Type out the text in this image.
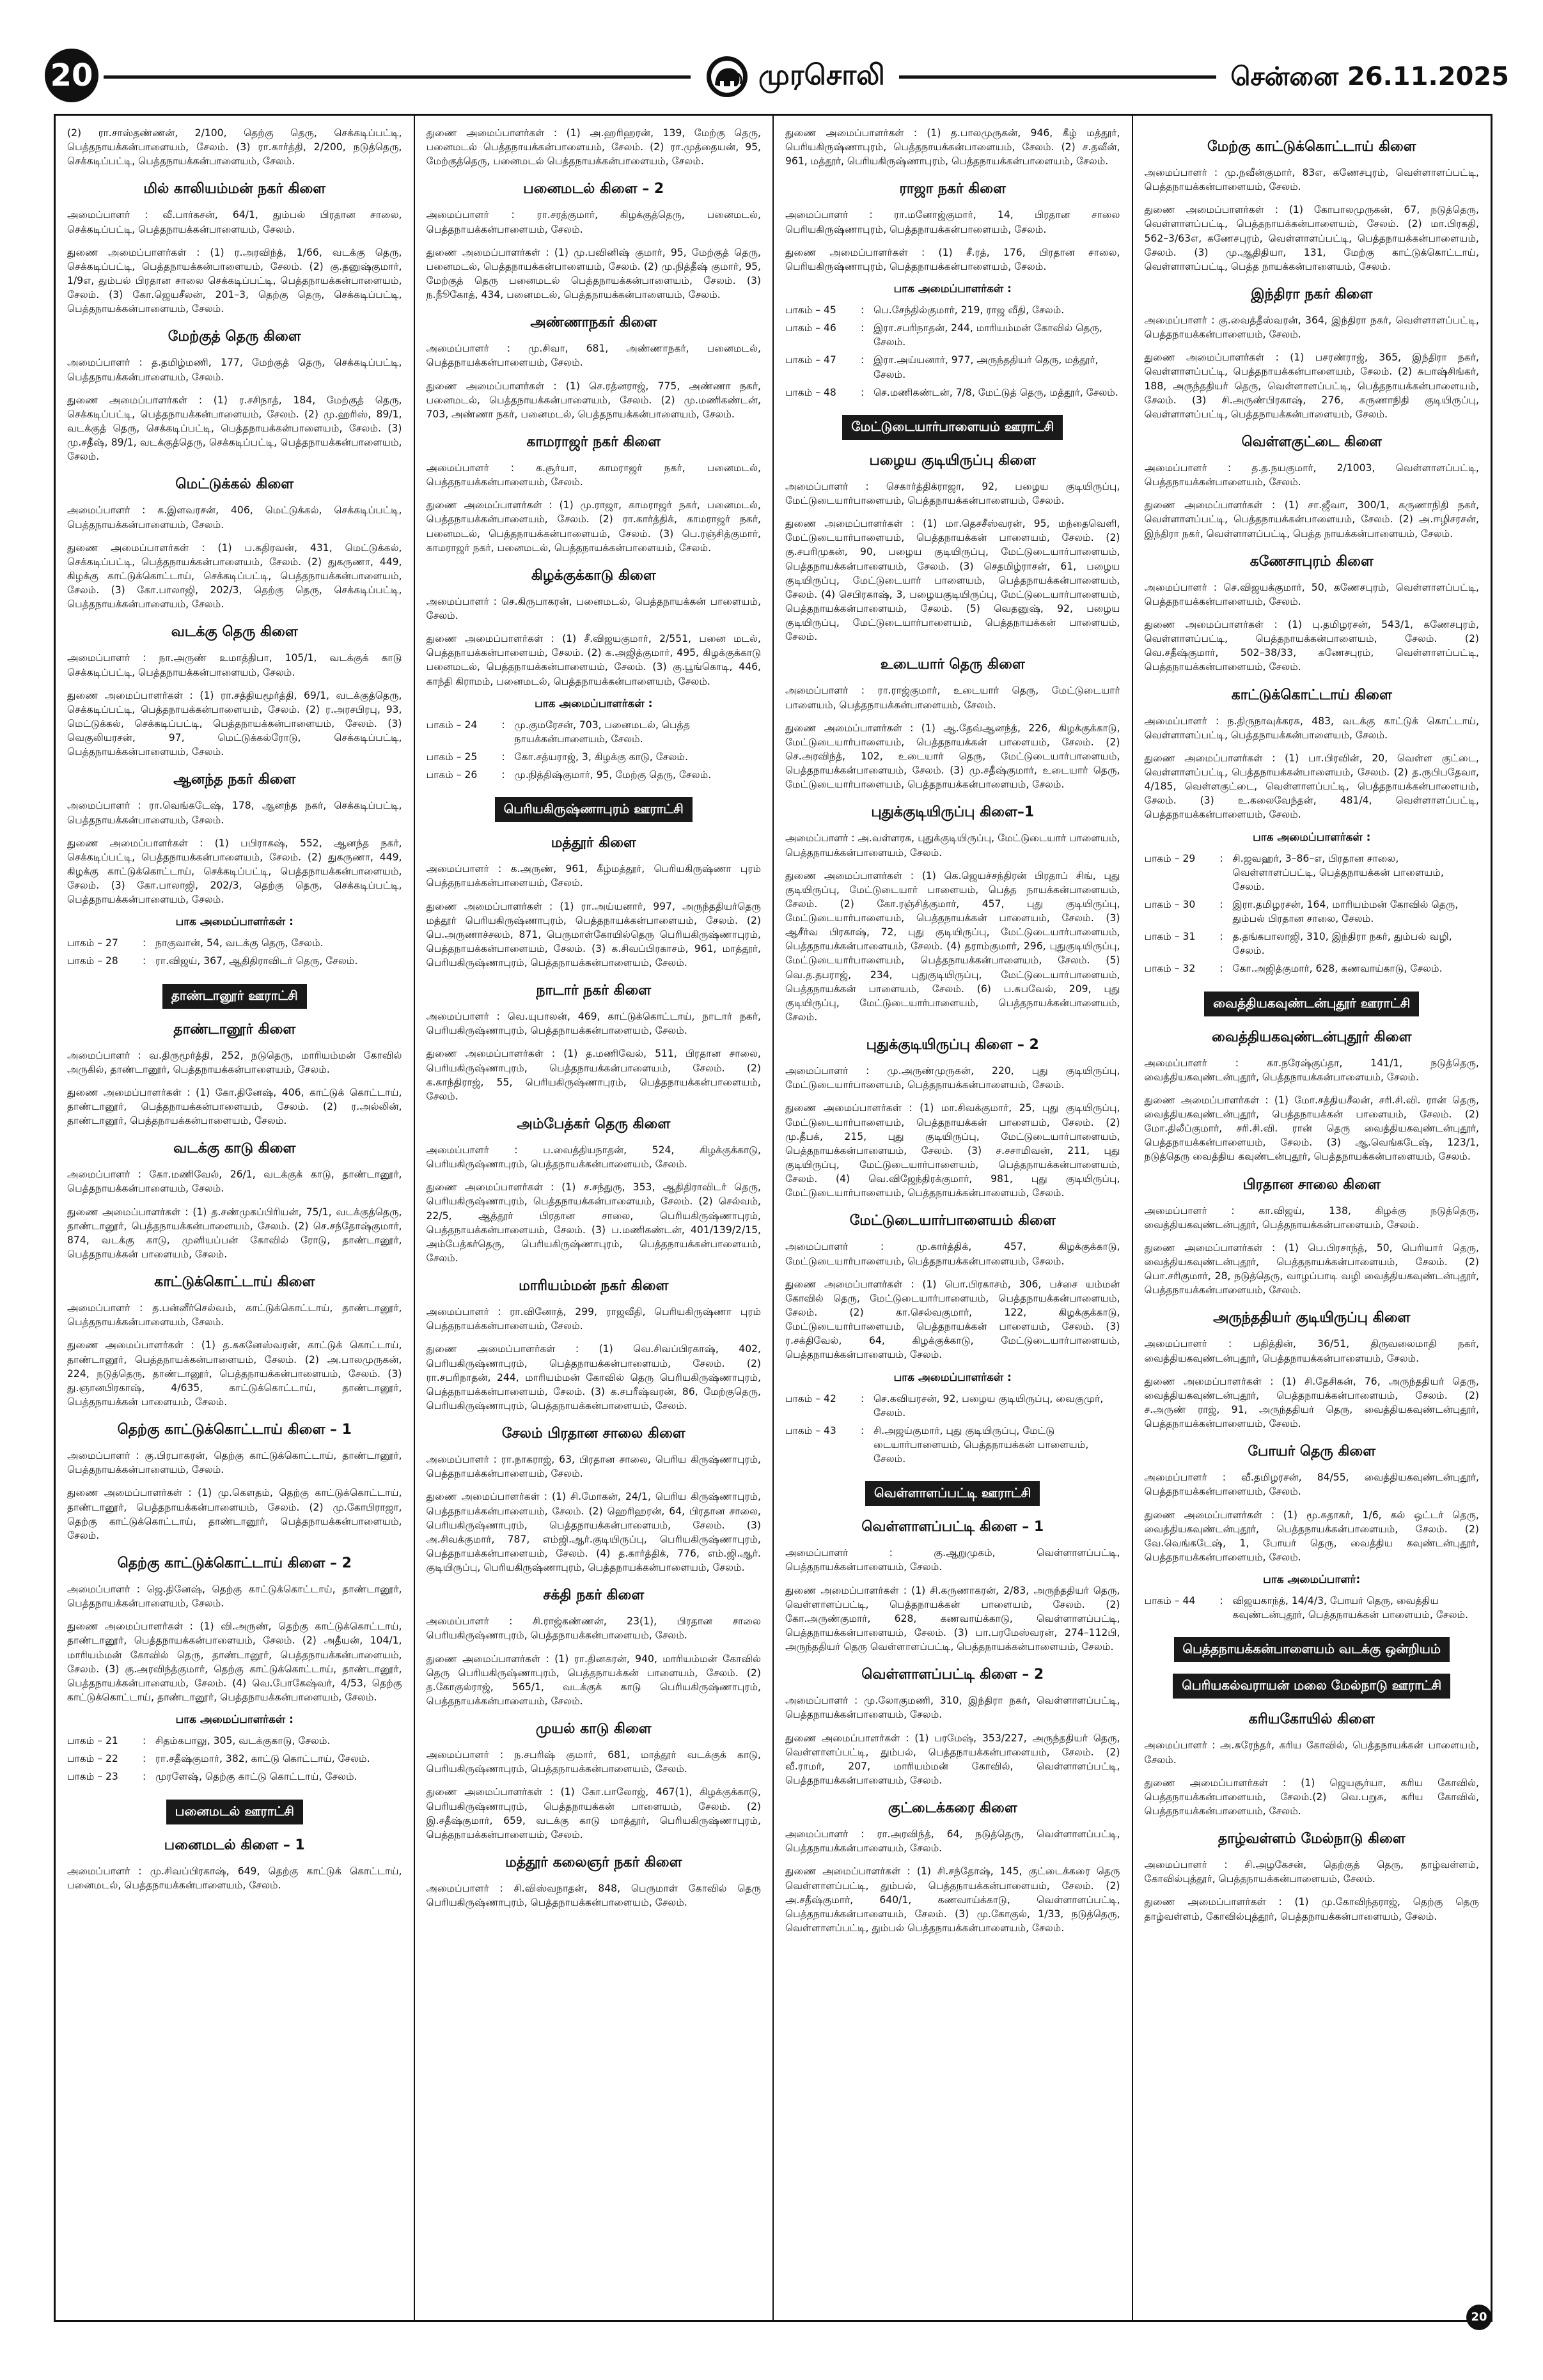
20	முரசொலி	சென்னை 26.11.2025
(2) ரா.சாஸ்தண்ணன், 2/100, தெற்கு தெரு, செக்கடிப்பட்டி, பெத்தநாயக்கன்பாளையம், சேலம். (3) ரா.கார்த்தி, 2/200, நடுத்தெரு, செக்கடிப்பட்டி, பெத்தநாயக்கன்பாளையம், சேலம்.
மில் காலியம்மன் நகர் கிளை
அமைப்பாளர் : வீ.பார்கசன், 64/1, தும்பல் பிரதான சாலை, செக்கடிப்பட்டி, பெத்தநாயக்கன்பாளையம், சேலம்.
துணை அமைப்பாளர்கள் : (1) ர.அரவிந்த், 1/66, வடக்கு தெரு, செக்கடிப்பட்டி, பெத்தநாயக்கன்பாளையம், சேலம். (2) கு.தனுஷ்குமார், 1/9எ, தும்பல் பிரதான சாலை செக்கடிப்பட்டி, பெத்தநாயக்கன்பாளையம், சேலம். (3) கோ.ஜெயசீலன், 201–3, தெற்கு தெரு, செக்கடிப்பட்டி, பெத்தநாயக்கன்பாளையம், சேலம்.
மேற்குத் தெரு கிளை
அமைப்பாளர் : த.தமிழ்மணி, 177, மேற்குத் தெரு, செக்கடிப்பட்டி, பெத்தநாயக்கன்பாளையம், சேலம்.
துணை அமைப்பாளர்கள் : (1) ர.சசிநாத், 184, மேற்குத் தெரு, செக்கடிப்பட்டி, பெத்தநாயக்கன்பாளையம், சேலம். (2) மு.ஹரிஸ், 89/1, வடக்குத் தெரு, செக்கடிப்பட்டி, பெத்தநாயக்கன்பாளையம், சேலம். (3) மு.சதீஷ், 89/1, வடக்குத்தெரு, செக்கடிப்பட்டி, பெத்தநாயக்கன்பாளையம், சேலம்.
மெட்டுக்கல் கிளை
அமைப்பாளர் : க.இளவரசன், 406, மெட்டுக்கல், செக்கடிப்பட்டி, பெத்தநாயக்கன்பாளையம், சேலம்.
துணை அமைப்பாளர்கள் : (1) ப.கதிரவன், 431, மெட்டுக்கல், செக்கடிப்பட்டி, பெத்தநாயக்கன்பாளையம், சேலம். (2) துகருணா, 449, கிழக்கு காட்டுக்கொட்டாய், செக்கடிப்பட்டி, பெத்தநாயக்கன்பாளையம், சேலம். (3) கோ.பாலாஜி, 202/3, தெற்கு தெரு, செக்கடிப்பட்டி, பெத்தநாயக்கன்பாளையம், சேலம்.
வடக்கு தெரு கிளை
அமைப்பாளர் : நா.அருண் உமாத்திபா, 105/1, வடக்குக் காடு செக்கடிப்பட்டி, பெத்தநாயக்கன்பாளையம், சேலம்.
துணை அமைப்பாளர்கள் : (1) ரா.சத்தியமூர்த்தி, 69/1, வடக்குத்தெரு, செக்கடிப்பட்டி, பெத்தநாயக்கன்பாளையம், சேலம். (2) ர.அரசபிரபு, 93, மெட்டுக்கல், செக்கடிப்பட்டி, பெத்தநாயக்கன்பாளையம், சேலம். (3) வெகுலியரசன், 97, மெட்டுக்கல்ரோடு, செக்கடிப்பட்டி, பெத்தநாயக்கன்பாளையம், சேலம்.
ஆனந்த நகர் கிளை
அமைப்பாளர் : ரா.வெங்கடேஷ், 178, ஆனந்த நகர், செக்கடிப்பட்டி, பெத்தநாயக்கன்பாளையம், சேலம்.
துணை அமைப்பாளர்கள் : (1) பபிராகஷ், 552, ஆனந்த நகர், செக்கடிப்பட்டி, பெத்தநாயக்கன்பாளையம், சேலம். (2) துகருணா, 449, கிழக்கு காட்டுக்கொட்டாய், செக்கடிப்பட்டி, பெத்தநாயக்கன்பாளையம், சேலம். (3) கோ.பாலாஜி, 202/3, தெற்கு தெரு, செக்கடிப்பட்டி, பெத்தநாயக்கன்பாளையம், சேலம்.
பாக அமைப்பாளர்கள் :
பாகம் – 27	:	நாகுவான், 54, வடக்கு தெரு, சேலம்.
பாகம் – 28	:	ரா.விஜய், 367, ஆதிதிராவிடர் தெரு, சேலம்.
தாண்டானூர் ஊராட்சி
தாண்டானூர் கிளை
அமைப்பாளர் : வ.திருமூர்த்தி, 252, நடுதெரு, மாரியம்மன் கோவில் அருகில், தாண்டானூர், பெத்தநாயக்கன்பாளையம், சேலம்.
துணை அமைப்பாளர்கள் : (1) கோ.தினேஷ், 406, காட்டுக் கொட்டாய், தாண்டானூர், பெத்தநாயக்கன்பாளையம், சேலம். (2) ர.அல்லின், தாண்டானூர், பெத்தநாயக்கன்பாளையம், சேலம்.
வடக்கு காடு கிளை
அமைப்பாளர் : கோ.மணிவேல், 26/1, வடக்குக் காடு, தாண்டானூர், பெத்தநாயக்கன்பாளையம், சேலம்.
துணை அமைப்பாளர்கள் : (1) த.சண்முகப்பிரியன், 75/1, வடக்குத்தெரு, தாண்டானூர், பெத்தநாயக்கன்பாளையம், சேலம். (2) செ.சந்தோஷ்குமார், 874, வடக்கு காடு, முனியப்பன் கோவில் ரோடு, தாண்டானூர், பெத்தநாயக்கன் பாளையம், சேலம்.
காட்டுக்கொட்டாய் கிளை
அமைப்பாளர் : த.பன்னீர்செல்வம், காட்டுக்கொட்டாய், தாண்டானூர், பெத்தநாயக்கன்பாளையம், சேலம்.
துணை அமைப்பாளர்கள் : (1) த.சுகனேஸ்வரன், காட்டுக் கொட்டாய், தாண்டானூர், பெத்தநாயக்கன்பாளையம், சேலம். (2) அ.பாலமுருகன், 224, நடுத்தெரு, தாண்டானூர், பெத்தநாயக்கன்பாளையம், சேலம். (3) து.ஞானபிரகாஷ், 4/635, காட்டுக்கொட்டாய், தாண்டானூர், பெத்தநாயக்கன் பாளையம், சேலம்.
தெற்கு காட்டுக்கொட்டாய் கிளை – 1
அமைப்பாளர் : கு.பிரபாகரன், தெற்கு காட்டுக்கொட்டாய், தாண்டானூர், பெத்தநாயக்கன்பாளையம், சேலம்.
துணை அமைப்பாளர்கள் : (1) மு.கௌதம், தெற்கு காட்டுக்கொட்டாய், தாண்டானூர், பெத்தநாயக்கன்பாளையம், சேலம். (2) மு.கோபிராஜா, தெற்கு காட்டுக்கொட்டாய், தாண்டானூர், பெத்தநாயக்கன்பாளையம், சேலம்.
தெற்கு காட்டுக்கொட்டாய் கிளை – 2
அமைப்பாளர் : ஜெ.தினேஷ், தெற்கு காட்டுக்கொட்டாய், தாண்டானூர், பெத்தநாயக்கன்பாளையம், சேலம்.
துணை அமைப்பாளர்கள் : (1) வி.அருண், தெற்கு காட்டுக்கொட்டாய், தாண்டானூர், பெத்தநாயக்கன்பாளையம், சேலம். (2) அதீயன், 104/1, மாரியம்மன் கோவில் தெரு, தாண்டானூர், பெத்தநாயக்கன்பாளையம், சேலம். (3) கு.அரவிந்த்குமார், தெற்கு காட்டுக்கொட்டாய், தாண்டானூர், பெத்தநாயக்கன்பாளையம், சேலம். (4) வெ.போகேஷ்வர், 4/53, தெற்கு காட்டுக்கொட்டாய், தாண்டானூர், பெத்தநாயக்கன்பாளையம், சேலம்.
பாக அமைப்பாளர்கள் :
பாகம் – 21	:	சிதம்கபாலு, 305, வடக்குகாடு, சேலம்.
பாகம் – 22	:	ரா.சதீஷ்குமார், 382, காட்டு கொட்டாய், சேலம்.
பாகம் – 23	:	முரளேஷ், தெற்கு காட்டு கொட்டாய், சேலம்.
பனைமடல் ஊராட்சி
பனைமடல் கிளை – 1
அமைப்பாளர் : மு.சிவப்பிரகாஷ், 649, தெற்கு காட்டுக் கொட்டாய், பனைமடல், பெத்தநாயக்கன்பாளையம், சேலம்.
துணை அமைப்பாளர்கள் : (1) அ.ஹரிஹரன், 139, மேற்கு தெரு, பனைமடல் பெத்தநாயக்கன்பாளையம், சேலம். (2) ரா.முத்தையன், 95, மேற்குத்தெரு, பனைமடல் பெத்தநாயக்கன்பாளையம், சேலம்.
பனைமடல் கிளை – 2
அமைப்பாளர் : ரா.சரத்குமார், கிழக்குத்தெரு, பனைமடல், பெத்தநாயக்கன்பாளையம், சேலம்.
துணை அமைப்பாளர்கள் : (1) மு.பவினிஷ் குமார், 95, மேற்குத் தெரு, பனைமடல், பெத்தநாயக்கன்பாளையம், சேலம். (2) மு.நித்தீஷ் குமார், 95, மேற்குத் தெரு பனைமடல் பெத்தநாயக்கன்பாளையம், சேலம். (3) ந.நூீகோத், 434, பனைமடல், பெத்தநாயக்கன்பாளையம், சேலம்.
அண்ணாநகர் கிளை
அமைப்பாளர் : மு.சிவா, 681, அண்ணாநகர், பனைமடல், பெத்தநாயக்கன்பாளையம், சேலம்.
துணை அமைப்பாளர்கள் : (1) செ.ரத்னராஜ், 775, அண்ணா நகர், பனைமடல், பெத்தநாயக்கன்பாளையம், சேலம். (2) மு.மணிகண்டன், 703, அண்ணா நகர், பனைமடல், பெத்தநாயக்கன்பாளையம், சேலம்.
காமராஜர் நகர் கிளை
அமைப்பாளர் : க.சூர்யா, காமராஜர் நகர், பனைமடல், பெத்தநாயக்கன்பாளையம், சேலம்.
துணை அமைப்பாளர்கள் : (1) மு.ராஜா, காமராஜர் நகர், பனைமடல், பெத்தநாயக்கன்பாளையம், சேலம். (2) ரா.கார்த்திக், காமராஜர் நகர், பனைமடல், பெத்தநாயக்கன்பாளையம், சேலம். (3) பெ.ரஞ்சித்குமார், காமராஜர் நகர், பனைமடல், பெத்தநாயக்கன்பாளையம், சேலம்.
கிழக்குக்காடு கிளை
அமைப்பாளர் : செ.கிருபாகரன், பனைமடல், பெத்தநாயக்கன் பாளையம், சேலம்.
துணை அமைப்பாளர்கள் : (1) சீ.விஜயகுமார், 2/551, பனை மடல், பெத்தநாயக்கன்பாளையம், சேலம். (2) க.அஜித்குமார், 495, கிழக்குக்காடு பனைமடல், பெத்தநாயக்கன்பாளையம், சேலம். (3) கு.பூங்கொடி, 446, காந்தி கிராமம், பனைமடல், பெத்தநாயக்கன்பாளையம், சேலம்.
பாக அமைப்பாளர்கள் :
பாகம் – 24	:	மு.குமரேசன், 703, பனைமடல், பெத்த நாயக்கன்பாளையம், சேலம்.
பாகம் – 25	:	கோ.சத்யராஜ், 3, கிழக்கு காடு, சேலம்.
பாகம் – 26	:	மு.நித்திஷ்குமார், 95, மேற்கு தெரு, சேலம்.
பெரியகிருஷ்ணாபுரம் ஊராட்சி
மத்தூர் கிளை
அமைப்பாளர் : க.அருண், 961, கீழ்மத்தூர், பெரியகிருஷ்ணா புரம் பெத்தநாயக்கன்பாளையம், சேலம்.
துணை அமைப்பாளர்கள் : (1) ரா.அய்யனார், 997, அருந்ததியர்தெரு மத்தூர் பெரியகிருஷ்ணாபுரம், பெத்தநாயக்கன்பாளையம், சேலம். (2) பெ.அருணாச்சலம், 871, பெருமாள்கோயில்தெரு பெரியகிருஷ்ணாபுரம், பெத்தநாயக்கன்பாளையம், சேலம். (3) க.சிவப்பிரகாசம், 961, மாத்தூர், பெரியகிருஷ்ணாபுரம், பெத்தநாயக்கன்பாளையம், சேலம்.
நாடார் நகர் கிளை
அமைப்பாளர் : வெ.யுபாலன், 469, காட்டுக்கொட்டாய், நாடார் நகர், பெரியகிருஷ்ணாபுரம், பெத்தநாயக்கன்பாளையம், சேலம்.
துணை அமைப்பாளர்கள் : (1) த.மணிவேல், 511, பிரதான சாலை, பெரியகிருஷ்ணாபுரம், பெத்தநாயக்கன்பாளையம், சேலம். (2) க.காந்திராஜ், 55, பெரியகிருஷ்ணாபுரம், பெத்தநாயக்கன்பாளையம், சேலம்.
அம்பேத்கர் தெரு கிளை
அமைப்பாளர் : ப.வைத்தியநாதன், 524, கிழக்குக்காடு, பெரியகிருஷ்ணாபுரம், பெத்தநாயக்கன்பாளையம், சேலம்.
துணை அமைப்பாளர்கள் : (1) ச.சந்துரு, 353, ஆதிதிராவிடர் தெரு, பெரியகிருஷ்ணாபுரம், பெத்தநாயக்கன்பாளையம், சேலம். (2) செல்வம், 22/5, ஆத்தூர் பிரதான சாலை, பெரியகிருஷ்ணாபுரம், பெத்தநாயக்கன்பாளையம், சேலம். (3) ப.மணிகண்டன், 401/139/2/15, அம்பேத்கர்தெரு, பெரியகிருஷ்ணாபுரம், பெத்தநாயக்கன்பாளையம், சேலம்.
மாரியம்மன் நகர் கிளை
அமைப்பாளர் : ரா.வினோத், 299, ராஜவீதி, பெரியகிருஷ்ணா புரம் பெத்தநாயக்கன்பாளையம், சேலம்.
துணை அமைப்பாளர்கள் : (1) வெ.சிவப்பிரகாஷ், 402, பெரியகிருஷ்ணாபுரம், பெத்தநாயக்கன்பாளையம், சேலம். (2) ரா.சபரிநாதன், 244, மாரியம்மன் கோவில் தெரு பெரியகிருஷ்ணாபுரம், பெத்தநாயக்கன்பாளையம், சேலம். (3) க.சபரீஷ்வரன், 86, மேற்குதெரு, பெரியகிருஷ்ணாபுரம், பெத்தநாயக்கன்பாளையம், சேலம்.
சேலம் பிரதான சாலை கிளை
அமைப்பாளர் : ரா.நாகராஜ், 63, பிரதான சாலை, பெரிய கிருஷ்ணாபுரம், பெத்தநாயக்கன்பாளையம், சேலம்.
துணை அமைப்பாளர்கள் : (1) சி.மோகன், 24/1, பெரிய கிருஷ்ணாபுரம், பெத்தநாயக்கன்பாளையம், சேலம். (2) ஹெரிஹரன், 64, பிரதான சாலை, பெரியகிருஷ்ணாபுரம், பெத்தநாயக்கன்பாளையம், சேலம். (3) அ.சிவக்குமார், 787, எம்ஜி.ஆர்.குடியிருப்பு, பெரியகிருஷ்ணாபுரம், பெத்தநாயக்கன்பாளையம், சேலம். (4) த.கார்த்திக், 776, எம்.ஜி.ஆர். குடியிருப்பு, பெரியகிருஷ்ணாபுரம், பெத்தநாயக்கன்பாளையம், சேலம்.
சக்தி நகர் கிளை
அமைப்பாளர் : சி.ராஜ்கண்ணன், 23(1), பிரதான சாலை பெரியகிருஷ்ணாபுரம், பெத்தநாயக்கன்பாளையம், சேலம்.
துணை அமைப்பாளர்கள் : (1) ரா.தினகரன், 940, மாரியம்மன் கோவில் தெரு பெரியகிருஷ்ணாபுரம், பெத்தநாயக்கன் பாளையம், சேலம். (2) த.கோகுல்ராஜ், 565/1, வடக்குக் காடு பெரியகிருஷ்ணாபுரம், பெத்தநாயக்கன்பாளையம், சேலம்.
முயல் காடு கிளை
அமைப்பாளர் : ந.சபரிஷ் குமார், 681, மாத்தூர் வடக்குக் காடு, பெரியகிருஷ்ணாபுரம், பெத்தநாயக்கன்பாளையம், சேலம்.
துணை அமைப்பாளர்கள் : (1) கோ.பாலோஜ், 467(1), கிழக்குக்காடு, பெரியகிருஷ்ணாபுரம், பெத்தநாயக்கன் பாளையம், சேலம். (2) இ.சதீஷ்குமார், 659, வடக்கு காடு மாத்தூர், பெரியகிருஷ்ணாபுரம், பெத்தநாயக்கன்பாளையம், சேலம்.
மத்தூர் கலைஞர் நகர் கிளை
அமைப்பாளர் : சி.விஸ்வநாதன், 848, பெருமாள் கோவில் தெரு பெரியகிருஷ்ணாபுரம், பெத்தநாயக்கன்பாளையம், சேலம்.
துணை அமைப்பாளர்கள் : (1) த.பாலமுருகன், 946, கீழ் மத்தூர், பெரியகிருஷ்ணாபுரம், பெத்தநாயக்கன்பாளையம், சேலம். (2) ச.தவீன், 961, மத்தூர், பெரியகிருஷ்ணாபுரம், பெத்தநாயக்கன்பாளையம், சேலம்.
ராஜா நகர் கிளை
அமைப்பாளர் : ரா.மனோஜ்குமார், 14, பிரதான சாலை பெரியகிருஷ்ணாபுரம், பெத்தநாயக்கன்பாளையம், சேலம்.
துணை அமைப்பாளர்கள் : (1) சீ.ரத், 176, பிரதான சாலை, பெரியகிருஷ்ணாபுரம், பெத்தநாயக்கன்பாளையம், சேலம்.
பாக அமைப்பாளர்கள் :
பாகம் – 45	:	பெ.சேந்தில்குமார், 219, ராஜ வீதி, சேலம்.
பாகம் – 46	:	இரா.சபரிநாதன், 244, மாரியம்மன் கோவில் தெரு, சேலம்.
பாகம் – 47	:	இரா.அய்யனார், 977, அருந்ததியர் தெரு, மத்தூர், சேலம்.
பாகம் – 48	:	செ.மணிகண்டன், 7/8, மேட்டுத் தெரு, மத்தூர், சேலம்.
மேட்டுடையார்பாளையம் ஊராட்சி
பழைய குடியிருப்பு கிளை
அமைப்பாளர் : செகார்த்திக்ராஜா, 92, பழைய குடியிருப்பு, மேட்டுடையார்பாளையம், பெத்தநாயக்கன்பாளையம், சேலம்.
துணை அமைப்பாளர்கள் : (1) மா.தெசசீஸ்வரன், 95, மந்தைவெளி, மேட்டுடையார்பாளையம், பெத்தநாயக்கன் பாளையம், சேலம். (2) கு.சபரிமுகன், 90, பழைய குடியிருப்பு, மேட்டுடையார்பாளையம், பெத்தநாயக்கன்பாளையம், சேலம். (3) செதமிழ்ராசன், 61, பழைய குடியிருப்பு, மேட்டுடையார் பாளையம், பெத்தநாயக்கன்பாளையம், சேலம். (4) செபிரகாஷ், 3, பழையகுடியிருப்பு, மேட்டுடையார்பாளையம், பெத்தநாயக்கன்பாளையம், சேலம். (5) வெதனுஷ், 92, பழைய குடியிருப்பு, மேட்டுடையார்பாளையம், பெத்தநாயக்கன் பாளையம், சேலம்.
உடையார் தெரு கிளை
அமைப்பாளர் : ரா.ராஜ்குமார், உடையார் தெரு, மேட்டுடையார் பாளையம், பெத்தநாயக்கன்பாளையம், சேலம்.
துணை அமைப்பாளர்கள் : (1) ஆ.தேவ்ஆனந்த், 226, கிழக்குக்காடு, மேட்டுடையார்பாளையம், பெத்தநாயக்கன் பாளையம், சேலம். (2) செ.அரவிந்த், 102, உடையார் தெரு, மேட்டுடையார்பாளையம், பெத்தநாயக்கன்பாளையம், சேலம். (3) மு.சதீஷ்குமார், உடையார் தெரு, மேட்டுடையார்பாளையம், பெத்தநாயக்கன்பாளையம், சேலம்.
புதுக்குடியிருப்பு கிளை–1
அமைப்பாளர் : அ.வள்ளரசு, புதுக்குடியிருப்பு, மேட்டுடையார் பாளையம், பெத்தநாயக்கன்பாளையம், சேலம்.
துணை அமைப்பாளர்கள் : (1) கெ.ஜெயச்சந்திரன் பிரதாப் சிங், புது குடியிருப்பு, மேட்டுடையார் பாளையம், பெத்த நாயக்கன்பாளையம், சேலம். (2) கோ.ரஞ்சித்குமார், 457, புது குடியிருப்பு, மேட்டுடையார்பாளையம், பெத்தநாயக்கன் பாளையம், சேலம். (3) ஆசீர்வ பிரகாஷ், 72, புது குடியிருப்பு, மேட்டுடையார்பாளையம், பெத்தநாயக்கன்பாளையம், சேலம். (4) தராம்குமார், 296, புதுகுடியிருப்பு, மேட்டுடையார்பாளையம், பெத்தநாயக்கன்பாளையம், சேலம். (5) வெ.த.தபராஜ், 234, புதுகுடியிருப்பு, மேட்டுடையார்பாளையம், பெத்தநாயக்கன் பாளையம், சேலம். (6) ப.சுபவேல், 209, புது குடியிருப்பு, மேட்டுடையார்பாளையம், பெத்தநாயக்கன்பாளையம், சேலம்.
புதுக்குடியிருப்பு கிளை – 2
அமைப்பாளர் : மு.அருண்முருகன், 220, புது குடியிருப்பு, மேட்டுடையார்பாளையம், பெத்தநாயக்கன்பாளையம், சேலம்.
துணை அமைப்பாளர்கள் : (1) மா.சிவக்குமார், 25, புது குடியிருப்பு, மேட்டுடையார்பாளையம், பெத்தநாயக்கன் பாளையம், சேலம். (2) மு.தீபக், 215, புது குடியிருப்பு, மேட்டுடையார்பாளையம், பெத்தநாயக்கன்பாளையம், சேலம். (3) ச.சசாமிவன், 211, புது குடியிருப்பு, மேட்டுடையார்பாளையம், பெத்தநாயக்கன்பாளையம், சேலம். (4) வெ.விஜேந்திரக்குமார், 981, புது குடியிருப்பு, மேட்டுடையார்பாளையம், பெத்தநாயக்கன்பாளையம், சேலம்.
மேட்டுடையார்பாளையம் கிளை
அமைப்பாளர் : மு.கார்த்திக், 457, கிழக்குக்காடு, மேட்டுடையார்பாளையம், பெத்தநாயக்கன்பாளையம், சேலம்.
துணை அமைப்பாளர்கள் : (1) பொ.பிரகாசம், 306, பச்சை யம்மன் கோவில் தெரு, மேட்டுடையார்பாளையம், பெத்தநாயக்கன்பாளையம், சேலம். (2) கா.செல்வகுமார், 122, கிழக்குக்காடு, மேட்டுடையார்பாளையம், பெத்தநாயக்கன் பாளையம், சேலம். (3) ர.சக்திவேல், 64, கிழக்குக்காடு, மேட்டுடையார்பாளையம், பெத்தநாயக்கன்பாளையம், சேலம்.
பாக அமைப்பாளர்கள் :
பாகம் – 42	:	செ.கவியரசன், 92, பழைய குடியிருப்பு, வைகுமுர், சேலம்.
பாகம் – 43	:	சி.அஜய்குமார், புது குடியிருப்பு, மேட்டு டையார்பாளையம், பெத்தநாயக்கன் பாளையம், சேலம்.
வெள்ளாளப்பட்டி ஊராட்சி
வெள்ளாளப்பட்டி கிளை – 1
அமைப்பாளர் : கு.ஆறுமுகம், வெள்ளாளப்பட்டி, பெத்தநாயக்கன்பாளையம், சேலம்.
துணை அமைப்பாளர்கள் : (1) சி.கருணாகரன், 2/83, அருந்ததியர் தெரு, வெள்ளாளப்பட்டி, பெத்தநாயக்கன் பாளையம், சேலம். (2) கோ.அருண்குமார், 628, கணவாய்க்காடு, வெள்ளாளப்பட்டி, பெத்தநாயக்கன்பாளையம், சேலம். (3) பா.பரமேஸ்வரன், 274–112பி, அருந்ததியர் தெரு வெள்ளாளப்பட்டி, பெத்தநாயக்கன்பாளையம், சேலம்.
வெள்ளாளப்பட்டி கிளை – 2
அமைப்பாளர் : மு.லோகுமணி, 310, இந்திரா நகர், வெள்ளாளப்பட்டி, பெத்தநாயக்கன்பாளையம், சேலம்.
துணை அமைப்பாளர்கள் : (1) பரமேஷ், 353/227, அருந்ததியர் தெரு, வெள்ளாளப்பட்டி, தும்பல், பெத்தநாயக்கன்பாளையம், சேலம். (2) வீ.ராமர், 207, மாரியம்மன் கோவில், வெள்ளாளப்பட்டி, பெத்தநாயக்கன்பாளையம், சேலம்.
குட்டைக்கரை கிளை
அமைப்பாளர் : ரா.அரவிந்த், 64, நடுத்தெரு, வெள்ளாளப்பட்டி, பெத்தநாயக்கன்பாளையம், சேலம்.
துணை அமைப்பாளர்கள் : (1) சி.சந்தோஷ், 145, குட்டைக்கரை தெரு வெள்ளாளப்பட்டி, தும்பல், பெத்தநாயக்கன்பாளையம், சேலம். (2) அ.சதீஷ்குமார், 640/1, கணவாய்க்காடு, வெள்ளாளப்பட்டி, பெத்தநாயக்கன்பாளையம், சேலம். (3) மு.கோகுல், 1/33, நடுத்தெரு, வெள்ளாளப்பட்டி, தும்பல் பெத்தநாயக்கன்பாளையம், சேலம்.
மேற்கு காட்டுக்கொட்டாய் கிளை
அமைப்பாளர் : மு.நவீன்குமார், 83எ, கணேசபுரம், வெள்ளாளப்பட்டி, பெத்தநாயக்கன்பாளையம், சேலம்.
துணை அமைப்பாளர்கள் : (1) கோபாலமுருகன், 67, நடுத்தெரு, வெள்ளாளப்பட்டி, பெத்தநாயக்கன்பாளையம், சேலம். (2) மா.பிரகதி, 562–3/63எ, கணேசபுரம், வெள்ளாளப்பட்டி, பெத்தநாயக்கன்பாளையம், சேலம். (3) மு.ஆதிதியா, 131, மேற்கு காட்டுக்கொட்டாய், வெள்ளாளப்பட்டி, பெத்த நாயக்கன்பாளையம், சேலம்.
இந்திரா நகர் கிளை
அமைப்பாளர் : கு.வைத்தீஸ்வரன், 364, இந்திரா நகர், வெள்ளாளப்பட்டி, பெத்தநாயக்கன்பாளையம், சேலம்.
துணை அமைப்பாளர்கள் : (1) பசரண்ராஜ், 365, இந்திரா நகர், வெள்ளாளப்பட்டி, பெத்தநாயக்கன்பாளையம், சேலம். (2) சுபாஷ்சிங்கர், 188, அருந்ததியர் தெரு, வெள்ளாளப்பட்டி, பெத்தநாயக்கன்பாளையம், சேலம். (3) சி.அருண்பிரகாஷ், 276, கருணாநிதி குடியிருப்பு, வெள்ளாளப்பட்டி, பெத்தநாயக்கன்பாளையம், சேலம்.
வெள்ளகுட்டை கிளை
அமைப்பாளர் : த.த.நயகுமார், 2/1003, வெள்ளாளப்பட்டி, பெத்தநாயக்கன்பாளையம், சேலம்.
துணை அமைப்பாளர்கள் : (1) சா.ஜீவா, 300/1, கருணாநிதி நகர், வெள்ளாளப்பட்டி, பெத்தநாயக்கன்பாளையம், சேலம். (2) அ.ஈழிசரசன், இந்திரா நகர், வெள்ளாளப்பட்டி, பெத்த நாயக்கன்பாளையம், சேலம்.
கணேசாபுரம் கிளை
அமைப்பாளர் : செ.விஜயக்குமார், 50, கணேசபுரம், வெள்ளாளப்பட்டி, பெத்தநாயக்கன்பாளையம், சேலம்.
துணை அமைப்பாளர்கள் : (1) பு.தமிழரசன், 543/1, கணேசபுரம், வெள்ளாளப்பட்டி, பெத்தநாயக்கன்பாளையம், சேலம். (2) வெ.சதீஷ்குமார், 502–38/33, கணேசபுரம், வெள்ளாளப்பட்டி, பெத்தநாயக்கன்பாளையம், சேலம்.
காட்டுக்கொட்டாய் கிளை
அமைப்பாளர் : ந.திருநாவுக்கரசு, 483, வடக்கு காட்டுக் கொட்டாய், வெள்ளாளப்பட்டி, பெத்தநாயக்கன்பாளையம், சேலம்.
துணை அமைப்பாளர்கள் : (1) பா.பிரவின், 20, வெள்ள குட்டை, வெள்ளாளப்பட்டி, பெத்தநாயக்கன்பாளையம், சேலம். (2) த.ருபிபதேவா, 4/185, வெள்ளகுட்டை, வெள்ளாளப்பட்டி, பெத்தநாயக்கன்பாளையம், சேலம். (3) உ.கலைவேந்தன், 481/4, வெள்ளாளப்பட்டி, பெத்தநாயக்கன்பாளையம், சேலம்.
பாக அமைப்பாளர்கள் :
பாகம் – 29	:	சி.ஜவஹர், 3–86–எ, பிரதான சாலை, வெள்ளாளப்பட்டி, பெத்தநாயக்கன் பாளையம், சேலம்.
பாகம் – 30	:	இரா.தமிழரசன், 164, மாரியம்மன் கோவில் தெரு, தும்பல் பிரதான சாலை, சேலம்.
பாகம் – 31	:	த.தங்கபாலாஜி, 310, இந்திரா நகர், தும்பல் வழி, சேலம்.
பாகம் – 32	:	கோ.அஜித்குமார், 628, கணவாய்காடு, சேலம்.
வைத்தியகவுண்டன்புதூர் ஊராட்சி
வைத்தியகவுண்டன்புதூர் கிளை
அமைப்பாளர் : கா.நரேஷ்குப்தா, 141/1, நடுத்தெரு, வைத்தியகவுண்டன்புதூர், பெத்தநாயக்கன்பாளையம், சேலம்.
துணை அமைப்பாளர்கள் : (1) மோ.சத்தியசீலன், சரி.சி.வி. ரான் தெரு, வைத்தியகவுண்டன்புதூர், பெத்தநாயக்கன் பாளையம், சேலம். (2) மோ.திலீப்குமார், சரி.சி.வி. ரான் தெரு வைத்தியகவுண்டன்புதூர், பெத்தநாயக்கன்பாளையம், சேலம். (3) ஆ.வெங்கடேஷ், 123/1, நடுத்தெரு வைத்திய கவுண்டன்புதூர், பெத்தநாயக்கன்பாளையம், சேலம்.
பிரதான சாலை கிளை
அமைப்பாளர் : கா.விஜய், 138, கிழக்கு நடுத்தெரு, வைத்தியகவுண்டன்புதூர், பெத்தநாயக்கன்பாளையம், சேலம்.
துணை அமைப்பாளர்கள் : (1) பெ.பிரசாந்த், 50, பெரியார் தெரு, வைத்தியகவுண்டன்புதூர், பெத்தநாயக்கன்பாளையம், சேலம். (2) பொ.சரிகுமார், 28, நடுத்தெரு, வாழப்பாடி வழி வைத்தியகவுண்டன்புதூர், பெத்தநாயக்கன்பாளையம், சேலம்.
அருந்ததியர் குடியிருப்பு கிளை
அமைப்பாளர் : பதித்தின், 36/51, திருவலைமாதி நகர், வைத்தியகவுண்டன்புதூர், பெத்தநாயக்கன்பாளையம், சேலம்.
துணை அமைப்பாளர்கள் : (1) சி.தேசிகன், 76, அருந்ததியர் தெரு, வைத்தியகவுண்டன்புதூர், பெத்தநாயக்கன்பாளையம், சேலம். (2) ச.அருண் ராஜ், 91, அருந்ததியர் தெரு, வைத்தியகவுண்டன்புதூர், பெத்தநாயக்கன்பாளையம், சேலம்.
போயர் தெரு கிளை
அமைப்பாளர் : வீ.தமிழரசன், 84/55, வைத்தியகவுண்டன்புதூர், பெத்தநாயக்கன்பாளையம், சேலம்.
துணை அமைப்பாளர்கள் : (1) மூ.சுதாகர், 1/6, கல் ஒட்டர் தெரு, வைத்தியகவுண்டன்புதூர், பெத்தநாயக்கன்பாளையம், சேலம். (2) வே.வெங்கடேஷ், 1, போயர் தெரு, வைத்திய கவுண்டன்புதூர், பெத்தநாயக்கன்பாளையம், சேலம்.
பாக அமைப்பாளர்:
பாகம் – 44	:	விஜயகாந்த், 14/4/3, போயர் தெரு, வைத்திய கவுண்டன்புதூர், பெத்தநாயக்கன் பாளையம், சேலம்.
பெத்தநாயக்கன்பாளையம் வடக்கு ஒன்றியம்
பெரியகல்வராயன் மலை மேல்நாடு ஊராட்சி
கரியகோயில் கிளை
அமைப்பாளர் : அ.சுரேந்தர், கரிய கோவில், பெத்தநாயக்கன் பாளையம், சேலம்.
துணை அமைப்பாளர்கள் : (1) ஜெயசூர்யா, கரிய கோவில், பெத்தநாயக்கன்பாளையம், சேலம்.(2) வெ.பறுசு, கரிய கோவில், பெத்தநாயக்கன்பாளையம், சேலம்.
தாழ்வள்ளம் மேல்நாடு கிளை
அமைப்பாளர் : சி.அழகேசன், தெற்குத் தெரு, தாழ்வள்ளம், கோவில்புத்தூர், பெத்தநாயக்கன்பாளையம், சேலம்.
துணை அமைப்பாளர்கள் : (1) மு.கோவிந்தராஜ், தெற்கு தெரு தாழ்வள்ளம், கோவில்புத்தூர், பெத்தநாயக்கன்பாளையம், சேலம்.
20
